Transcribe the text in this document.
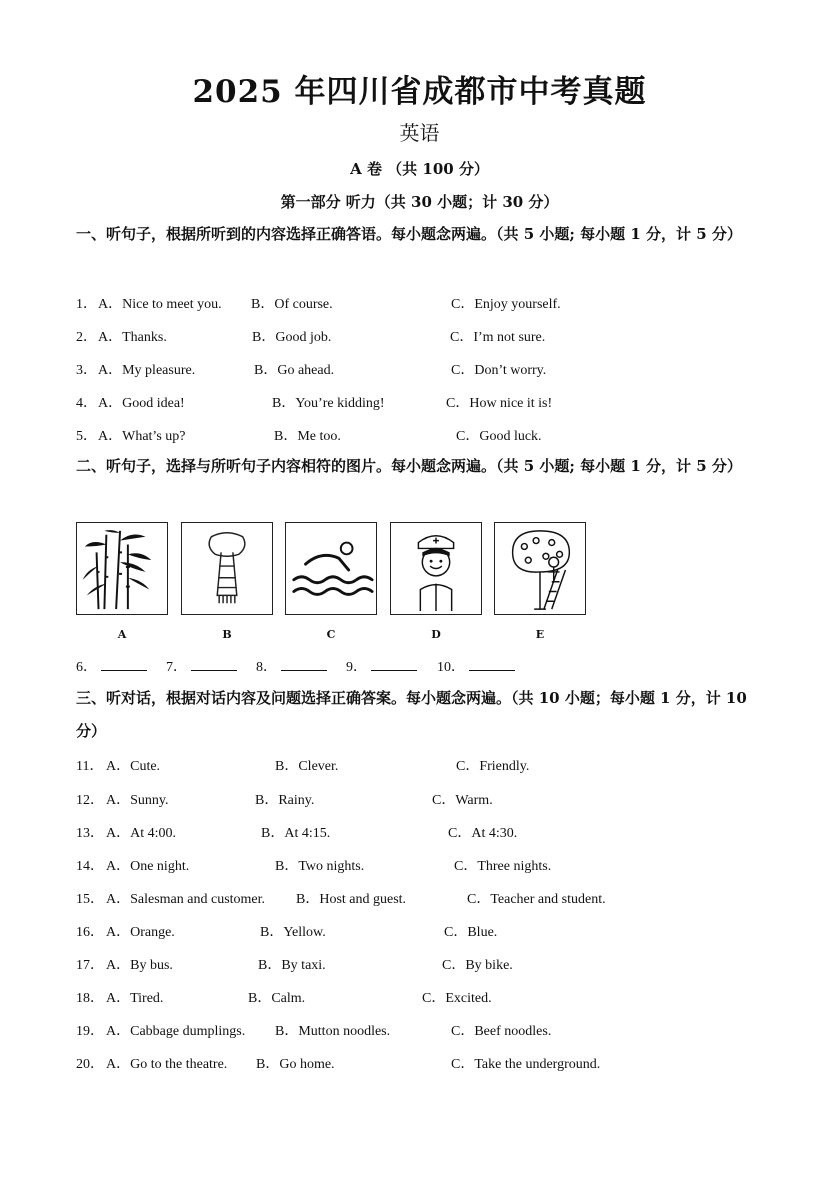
2025 年四川省成都市中考真题
英语
A 卷 （共 100 分）
第一部分 听力（共 30 小题；计 30 分）
一、听句子，根据所听到的内容选择正确答语。每小题念两遍。（共 5 小题; 每小题 1 分，计 5 分）
1． A．Nice to meet you. B．Of course.	C．Enjoy yourself.
2． A．Thanks.	B．Good job.	C．I’m not sure.
3． A．My pleasure.	B．Go ahead.	C．Don’t worry.
4． A．Good idea!	B．You’re kidding!	C．How nice it is!
5． A．What’s up?	B．Me too.	C．Good luck.
二、听句子，选择与所听句子内容相符的图片。每小题念两遍。（共 5 小题; 每小题 1 分，计 5 分）
A	B	C	D	E
6．	7．	8．	9．	10．
三、听对话，根据对话内容及问题选择正确答案。每小题念两遍。（共 10 小题；每小题 1 分，计 10 分）
11． A．Cute.	B．Clever.	C．Friendly.
12． A．Sunny.	B．Rainy.	C．Warm.
13． A．At 4:00.	B．At 4:15.	C．At 4:30.
14． A．One night.	B．Two nights.	C．Three nights.
15． A．Salesman and customer. B．Host and guest.	C．Teacher and student.
16． A．Orange.	B．Yellow.	C．Blue.
17． A．By bus.	B．By taxi.	C．By bike.
18． A．Tired.	B．Calm.	C．Excited.
19． A．Cabbage dumplings. B．Mutton noodles.	C．Beef noodles.
20． A．Go to the theatre. B．Go home.	C．Take the underground.
